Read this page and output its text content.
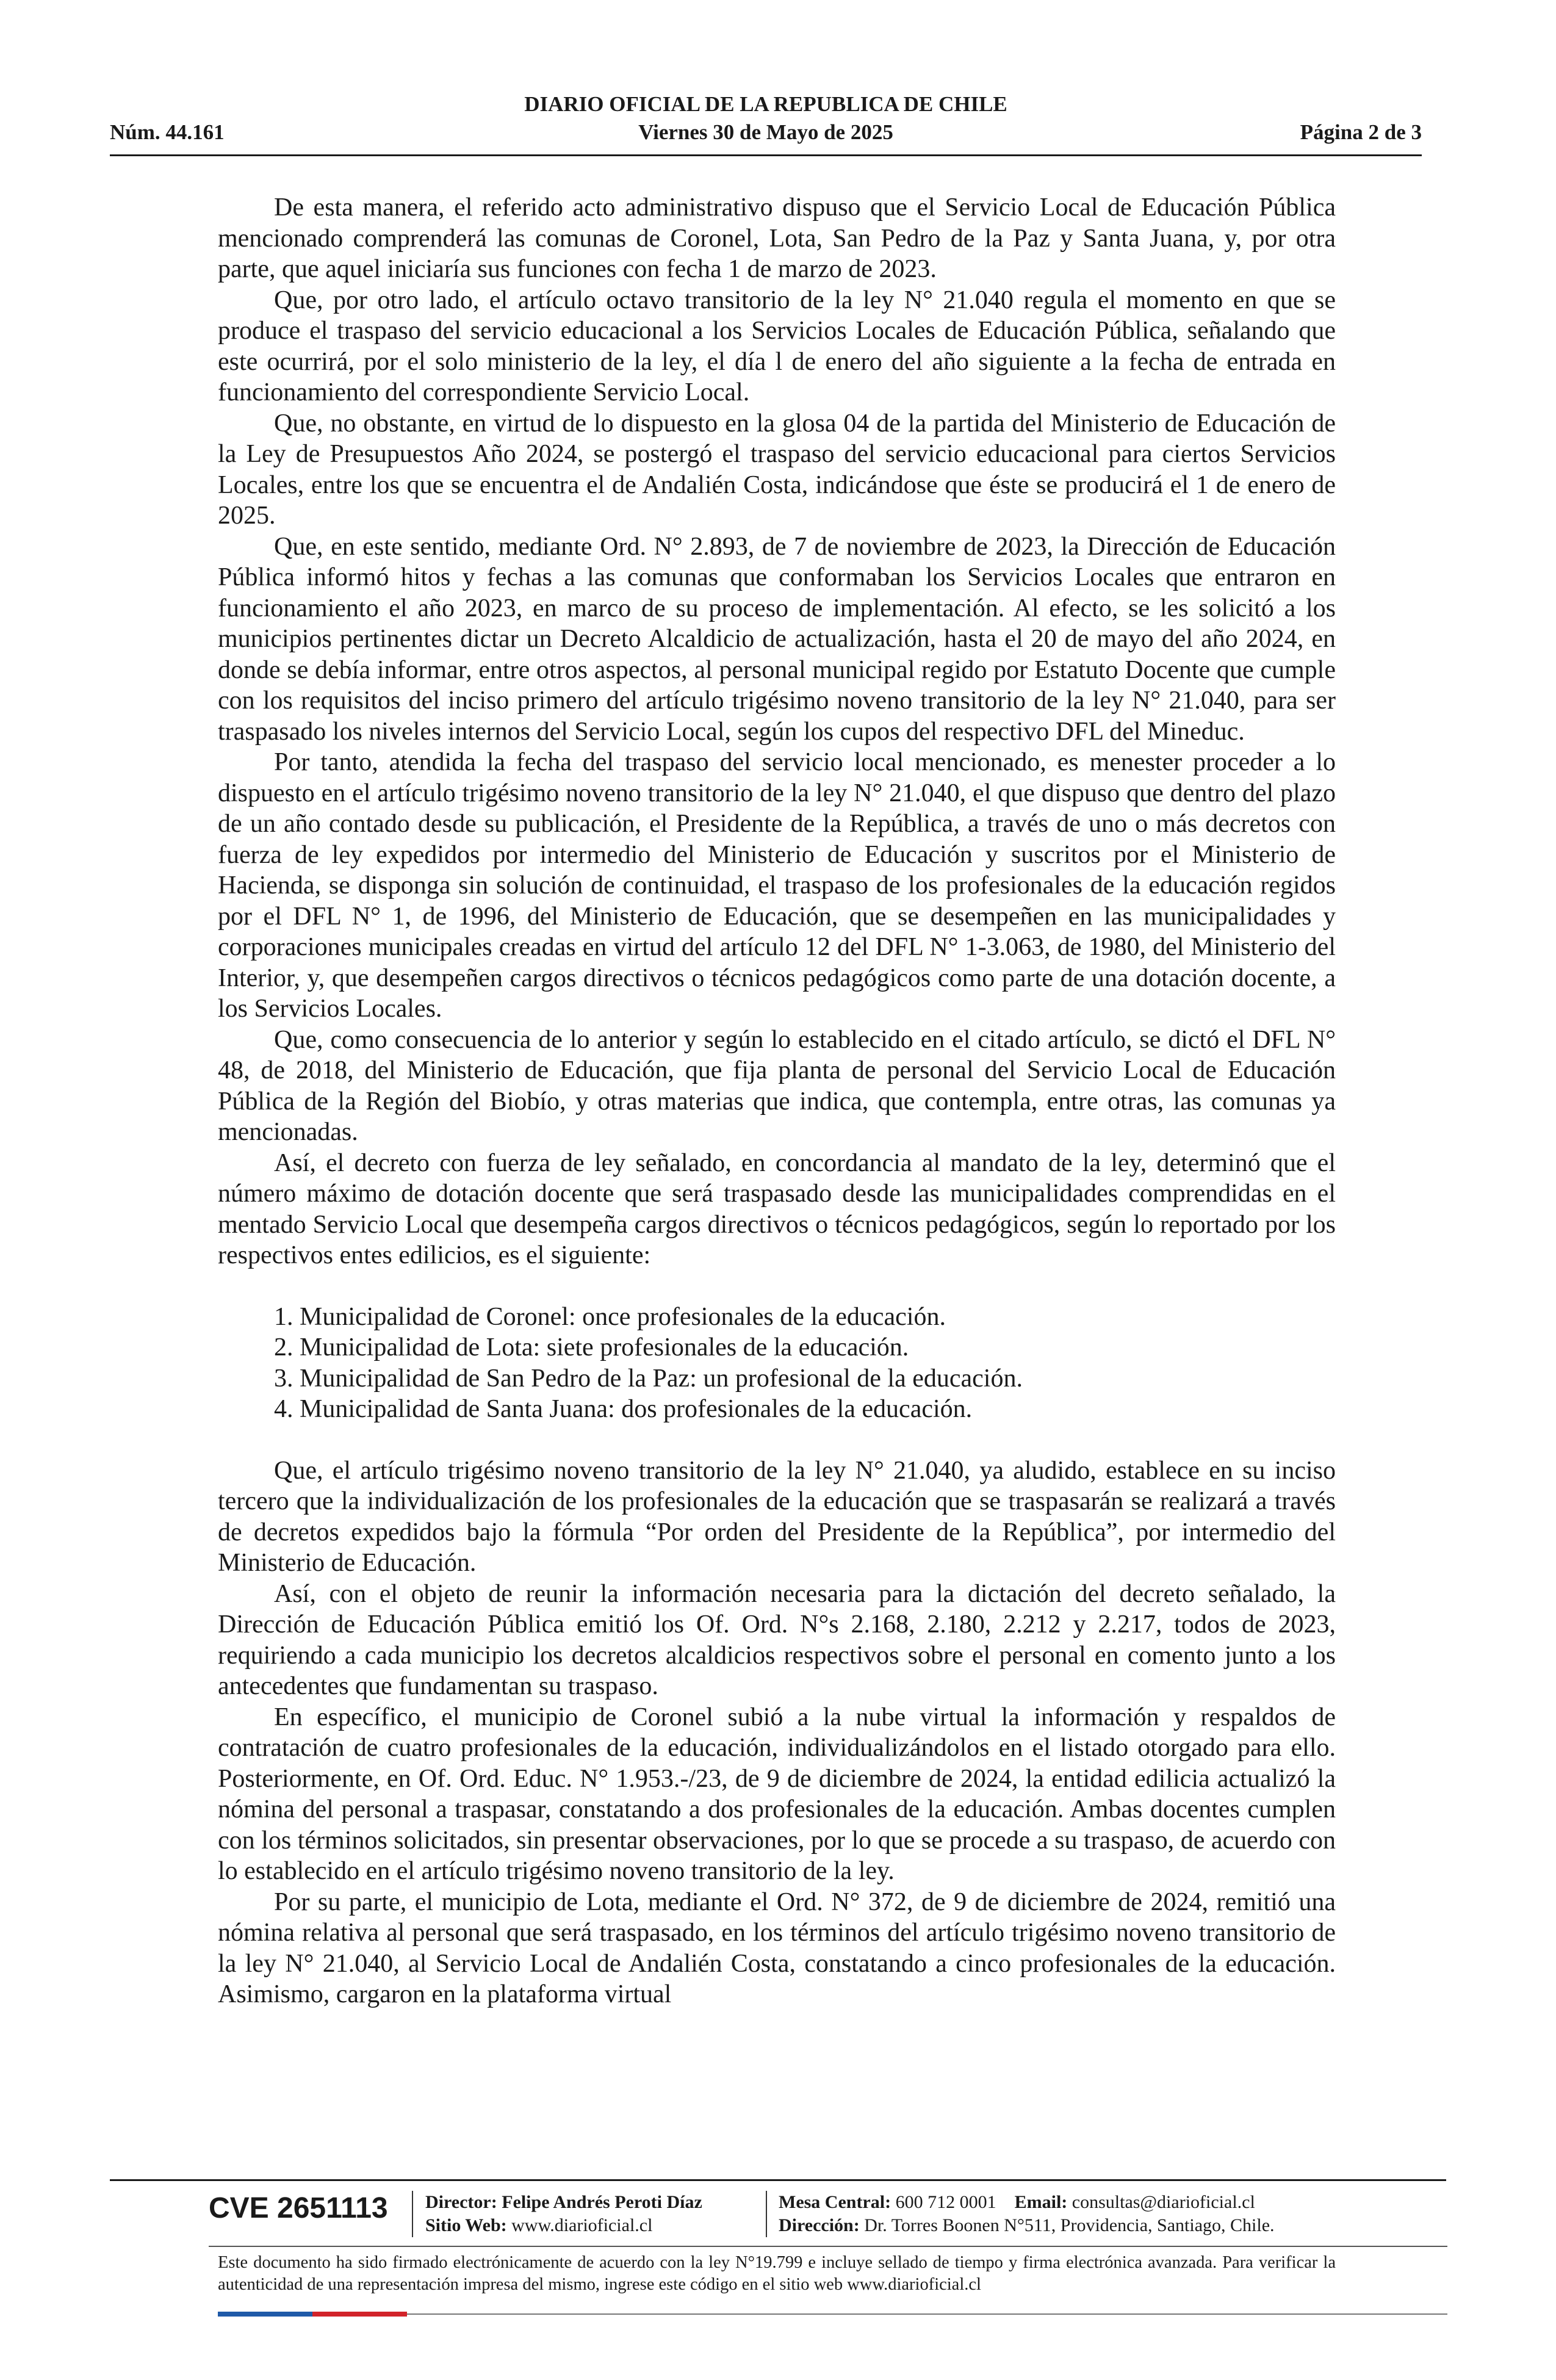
DIARIO OFICIAL DE LA REPUBLICA DE CHILE
Viernes 30 de Mayo de 2025
Núm. 44.161	Página 2 de 3

De esta manera, el referido acto administrativo dispuso que el Servicio Local de Educación Pública mencionado comprenderá las comunas de Coronel, Lota, San Pedro de la Paz y Santa Juana, y, por otra parte, que aquel iniciaría sus funciones con fecha 1 de marzo de 2023.

Que, por otro lado, el artículo octavo transitorio de la ley N° 21.040 regula el momento en que se produce el traspaso del servicio educacional a los Servicios Locales de Educación Pública, señalando que este ocurrirá, por el solo ministerio de la ley, el día l de enero del año siguiente a la fecha de entrada en funcionamiento del correspondiente Servicio Local.

Que, no obstante, en virtud de lo dispuesto en la glosa 04 de la partida del Ministerio de Educación de la Ley de Presupuestos Año 2024, se postergó el traspaso del servicio educacional para ciertos Servicios Locales, entre los que se encuentra el de Andalién Costa, indicándose que éste se producirá el 1 de enero de 2025.

Que, en este sentido, mediante Ord. N° 2.893, de 7 de noviembre de 2023, la Dirección de Educación Pública informó hitos y fechas a las comunas que conformaban los Servicios Locales que entraron en funcionamiento el año 2023, en marco de su proceso de implementación. Al efecto, se les solicitó a los municipios pertinentes dictar un Decreto Alcaldicio de actualización, hasta el 20 de mayo del año 2024, en donde se debía informar, entre otros aspectos, al personal municipal regido por Estatuto Docente que cumple con los requisitos del inciso primero del artículo trigésimo noveno transitorio de la ley N° 21.040, para ser traspasado los niveles internos del Servicio Local, según los cupos del respectivo DFL del Mineduc.

Por tanto, atendida la fecha del traspaso del servicio local mencionado, es menester proceder a lo dispuesto en el artículo trigésimo noveno transitorio de la ley N° 21.040, el que dispuso que dentro del plazo de un año contado desde su publicación, el Presidente de la República, a través de uno o más decretos con fuerza de ley expedidos por intermedio del Ministerio de Educación y suscritos por el Ministerio de Hacienda, se disponga sin solución de continuidad, el traspaso de los profesionales de la educación regidos por el DFL N° 1, de 1996, del Ministerio de Educación, que se desempeñen en las municipalidades y corporaciones municipales creadas en virtud del artículo 12 del DFL N° 1-3.063, de 1980, del Ministerio del Interior, y, que desempeñen cargos directivos o técnicos pedagógicos como parte de una dotación docente, a los Servicios Locales.

Que, como consecuencia de lo anterior y según lo establecido en el citado artículo, se dictó el DFL N° 48, de 2018, del Ministerio de Educación, que fija planta de personal del Servicio Local de Educación Pública de la Región del Biobío, y otras materias que indica, que contempla, entre otras, las comunas ya mencionadas.

Así, el decreto con fuerza de ley señalado, en concordancia al mandato de la ley, determinó que el número máximo de dotación docente que será traspasado desde las municipalidades comprendidas en el mentado Servicio Local que desempeña cargos directivos o técnicos pedagógicos, según lo reportado por los respectivos entes edilicios, es el siguiente:

1. Municipalidad de Coronel: once profesionales de la educación.
2. Municipalidad de Lota: siete profesionales de la educación.
3. Municipalidad de San Pedro de la Paz: un profesional de la educación.
4. Municipalidad de Santa Juana: dos profesionales de la educación.

Que, el artículo trigésimo noveno transitorio de la ley N° 21.040, ya aludido, establece en su inciso tercero que la individualización de los profesionales de la educación que se traspasarán se realizará a través de decretos expedidos bajo la fórmula “Por orden del Presidente de la República”, por intermedio del Ministerio de Educación.

Así, con el objeto de reunir la información necesaria para la dictación del decreto señalado, la Dirección de Educación Pública emitió los Of. Ord. N°s 2.168, 2.180, 2.212 y 2.217, todos de 2023, requiriendo a cada municipio los decretos alcaldicios respectivos sobre el personal en comento junto a los antecedentes que fundamentan su traspaso.

En específico, el municipio de Coronel subió a la nube virtual la información y respaldos de contratación de cuatro profesionales de la educación, individualizándolos en el listado otorgado para ello. Posteriormente, en Of. Ord. Educ. N° 1.953.-/23, de 9 de diciembre de 2024, la entidad edilicia actualizó la nómina del personal a traspasar, constatando a dos profesionales de la educación. Ambas docentes cumplen con los términos solicitados, sin presentar observaciones, por lo que se procede a su traspaso, de acuerdo con lo establecido en el artículo trigésimo noveno transitorio de la ley.

Por su parte, el municipio de Lota, mediante el Ord. N° 372, de 9 de diciembre de 2024, remitió una nómina relativa al personal que será traspasado, en los términos del artículo trigésimo noveno transitorio de la ley N° 21.040, al Servicio Local de Andalién Costa, constatando a cinco profesionales de la educación. Asimismo, cargaron en la plataforma virtual

CVE 2651113 Director: Felipe Andrés Peroti Díaz
Sitio Web: www.diarioficial.cl
Mesa Central: 600 712 0001 Email: consultas@diarioficial.cl
Dirección: Dr. Torres Boonen N°511, Providencia, Santiago, Chile.
Este documento ha sido firmado electrónicamente de acuerdo con la ley N°19.799 e incluye sellado de tiempo y firma electrónica avanzada. Para verificar la autenticidad de una representación impresa del mismo, ingrese este código en el sitio web www.diarioficial.cl
